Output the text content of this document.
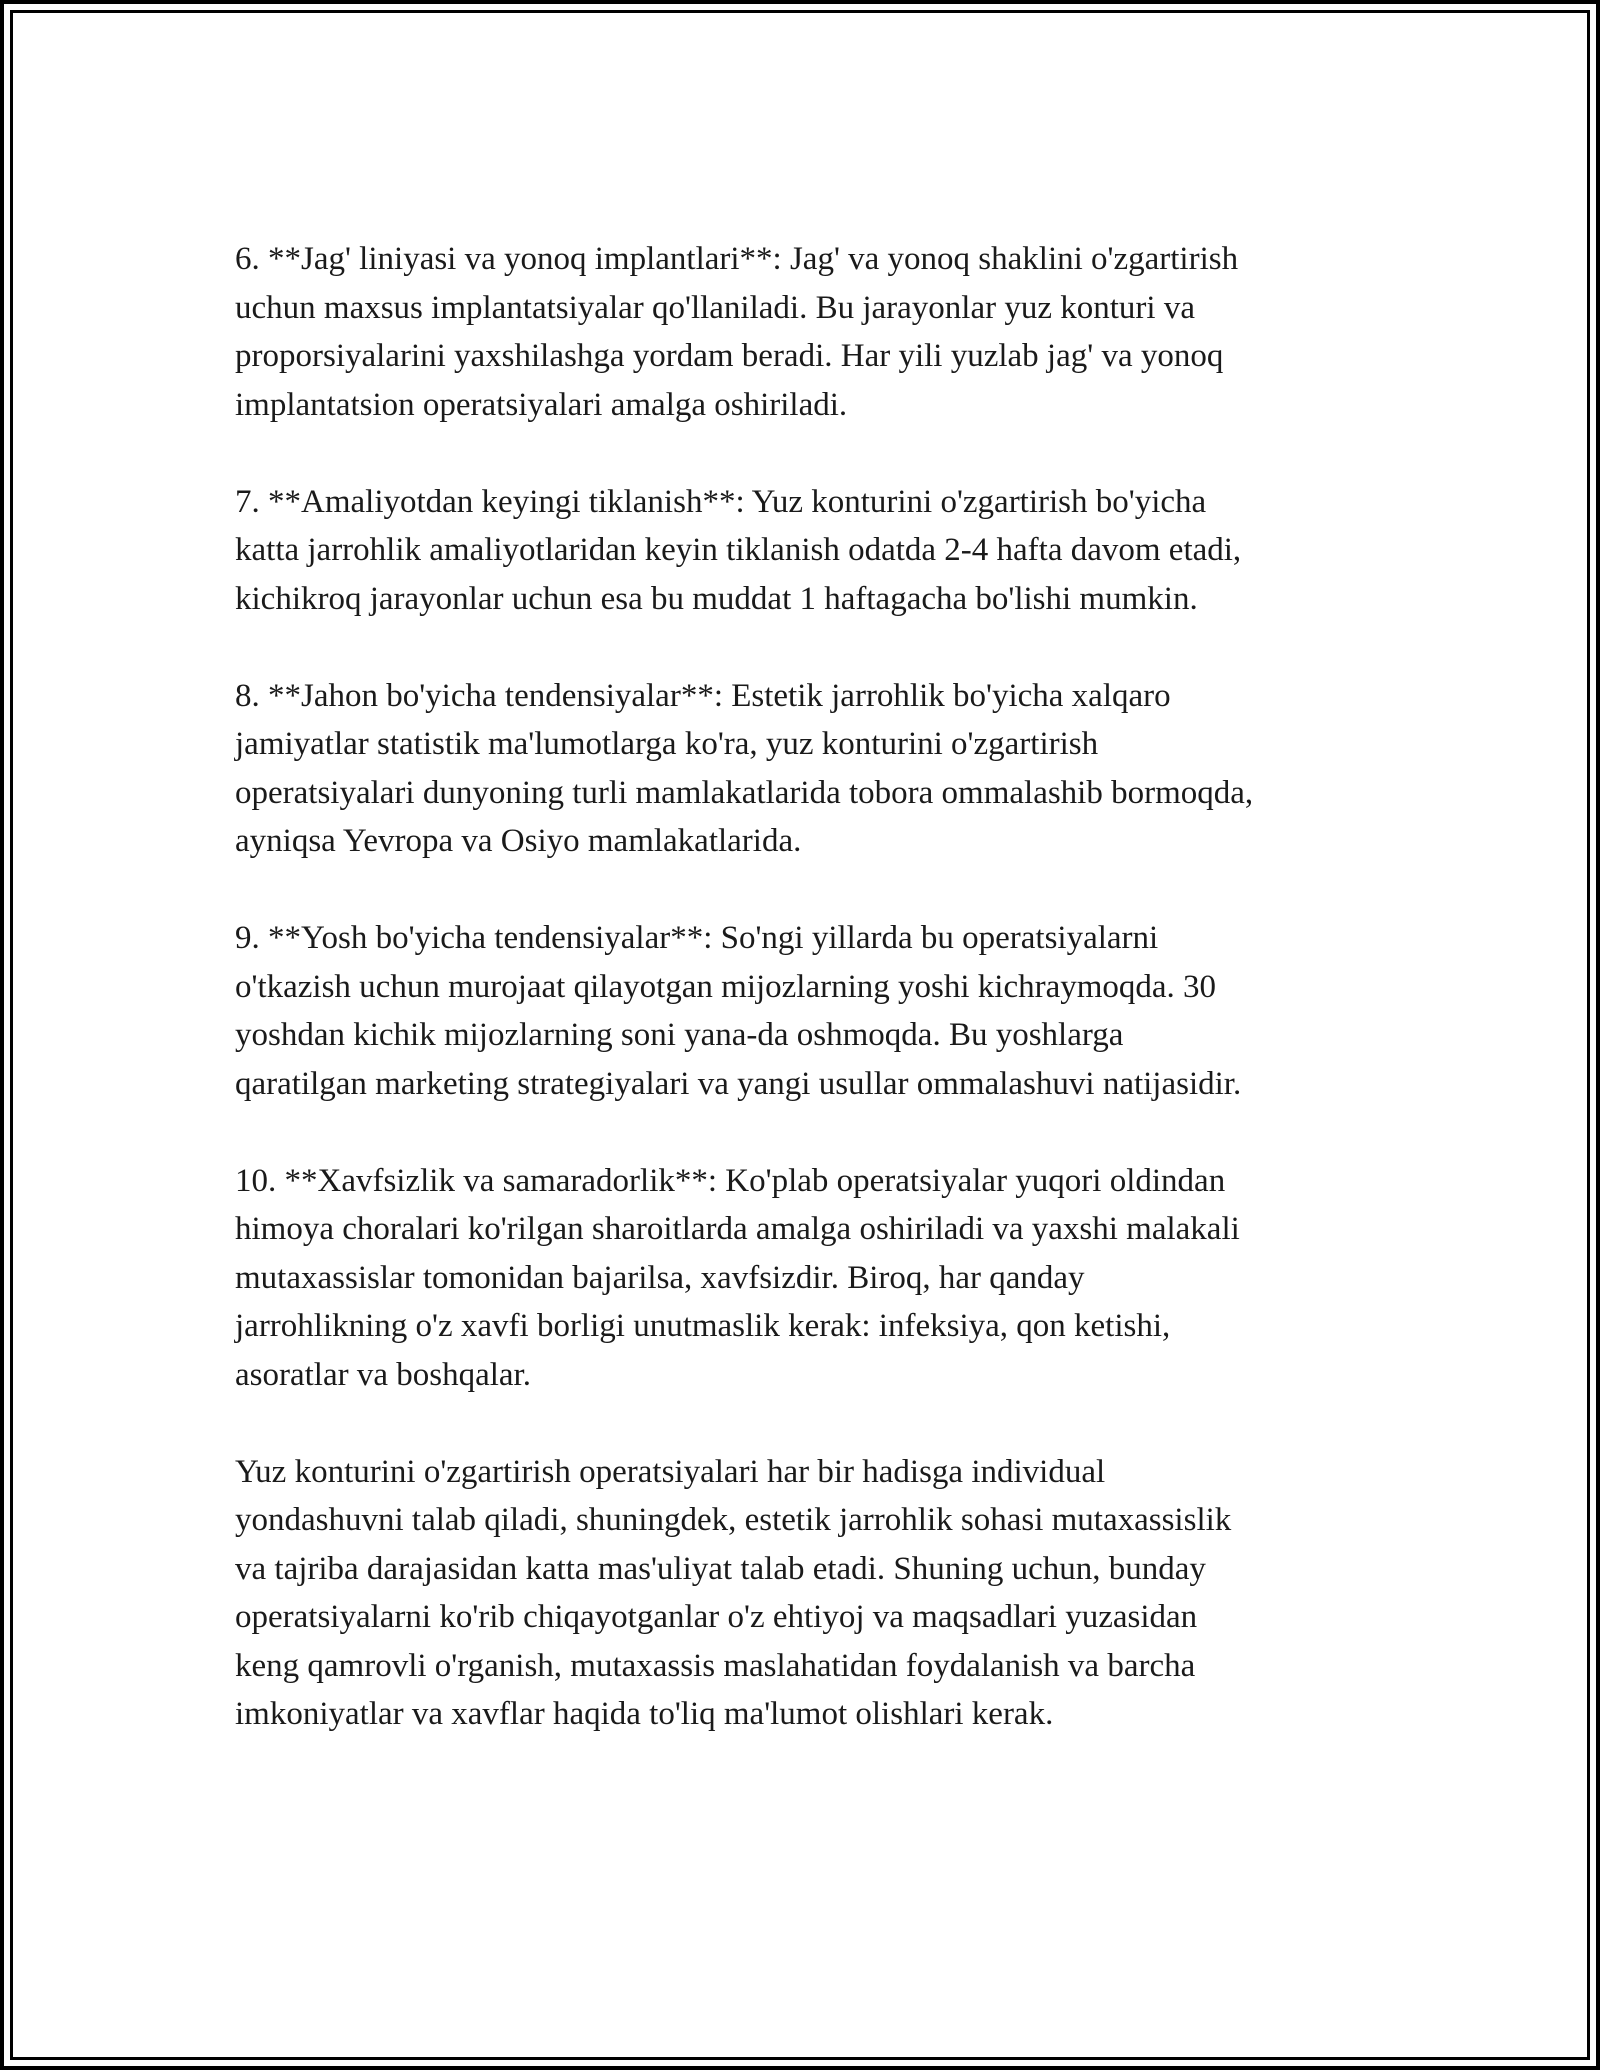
6. **Jag' liniyasi va yonoq implantlari**: Jag' va yonoq shaklini o'zgartirish
uchun maxsus implantatsiyalar qo'llaniladi. Bu jarayonlar yuz konturi va
proporsiyalarini yaxshilashga yordam beradi. Har yili yuzlab jag' va yonoq
implantatsion operatsiyalari amalga oshiriladi.

7. **Amaliyotdan keyingi tiklanish**: Yuz konturini o'zgartirish bo'yicha
katta jarrohlik amaliyotlaridan keyin tiklanish odatda 2-4 hafta davom etadi,
kichikroq jarayonlar uchun esa bu muddat 1 haftagacha bo'lishi mumkin.

8. **Jahon bo'yicha tendensiyalar**: Estetik jarrohlik bo'yicha xalqaro
jamiyatlar statistik ma'lumotlarga ko'ra, yuz konturini o'zgartirish
operatsiyalari dunyoning turli mamlakatlarida tobora ommalashib bormoqda,
ayniqsa Yevropa va Osiyo mamlakatlarida.

9. **Yosh bo'yicha tendensiyalar**: So'ngi yillarda bu operatsiyalarni
o'tkazish uchun murojaat qilayotgan mijozlarning yoshi kichraymoqda. 30
yoshdan kichik mijozlarning soni yana-da oshmoqda. Bu yoshlarga
qaratilgan marketing strategiyalari va yangi usullar ommalashuvi natijasidir.

10. **Xavfsizlik va samaradorlik**: Ko'plab operatsiyalar yuqori oldindan
himoya choralari ko'rilgan sharoitlarda amalga oshiriladi va yaxshi malakali
mutaxassislar tomonidan bajarilsa, xavfsizdir. Biroq, har qanday
jarrohlikning o'z xavfi borligi unutmaslik kerak: infeksiya, qon ketishi,
asoratlar va boshqalar.

Yuz konturini o'zgartirish operatsiyalari har bir hadisga individual
yondashuvni talab qiladi, shuningdek, estetik jarrohlik sohasi mutaxassislik
va tajriba darajasidan katta mas'uliyat talab etadi. Shuning uchun, bunday
operatsiyalarni ko'rib chiqayotganlar o'z ehtiyoj va maqsadlari yuzasidan
keng qamrovli o'rganish, mutaxassis maslahatidan foydalanish va barcha
imkoniyatlar va xavflar haqida to'liq ma'lumot olishlari kerak.
